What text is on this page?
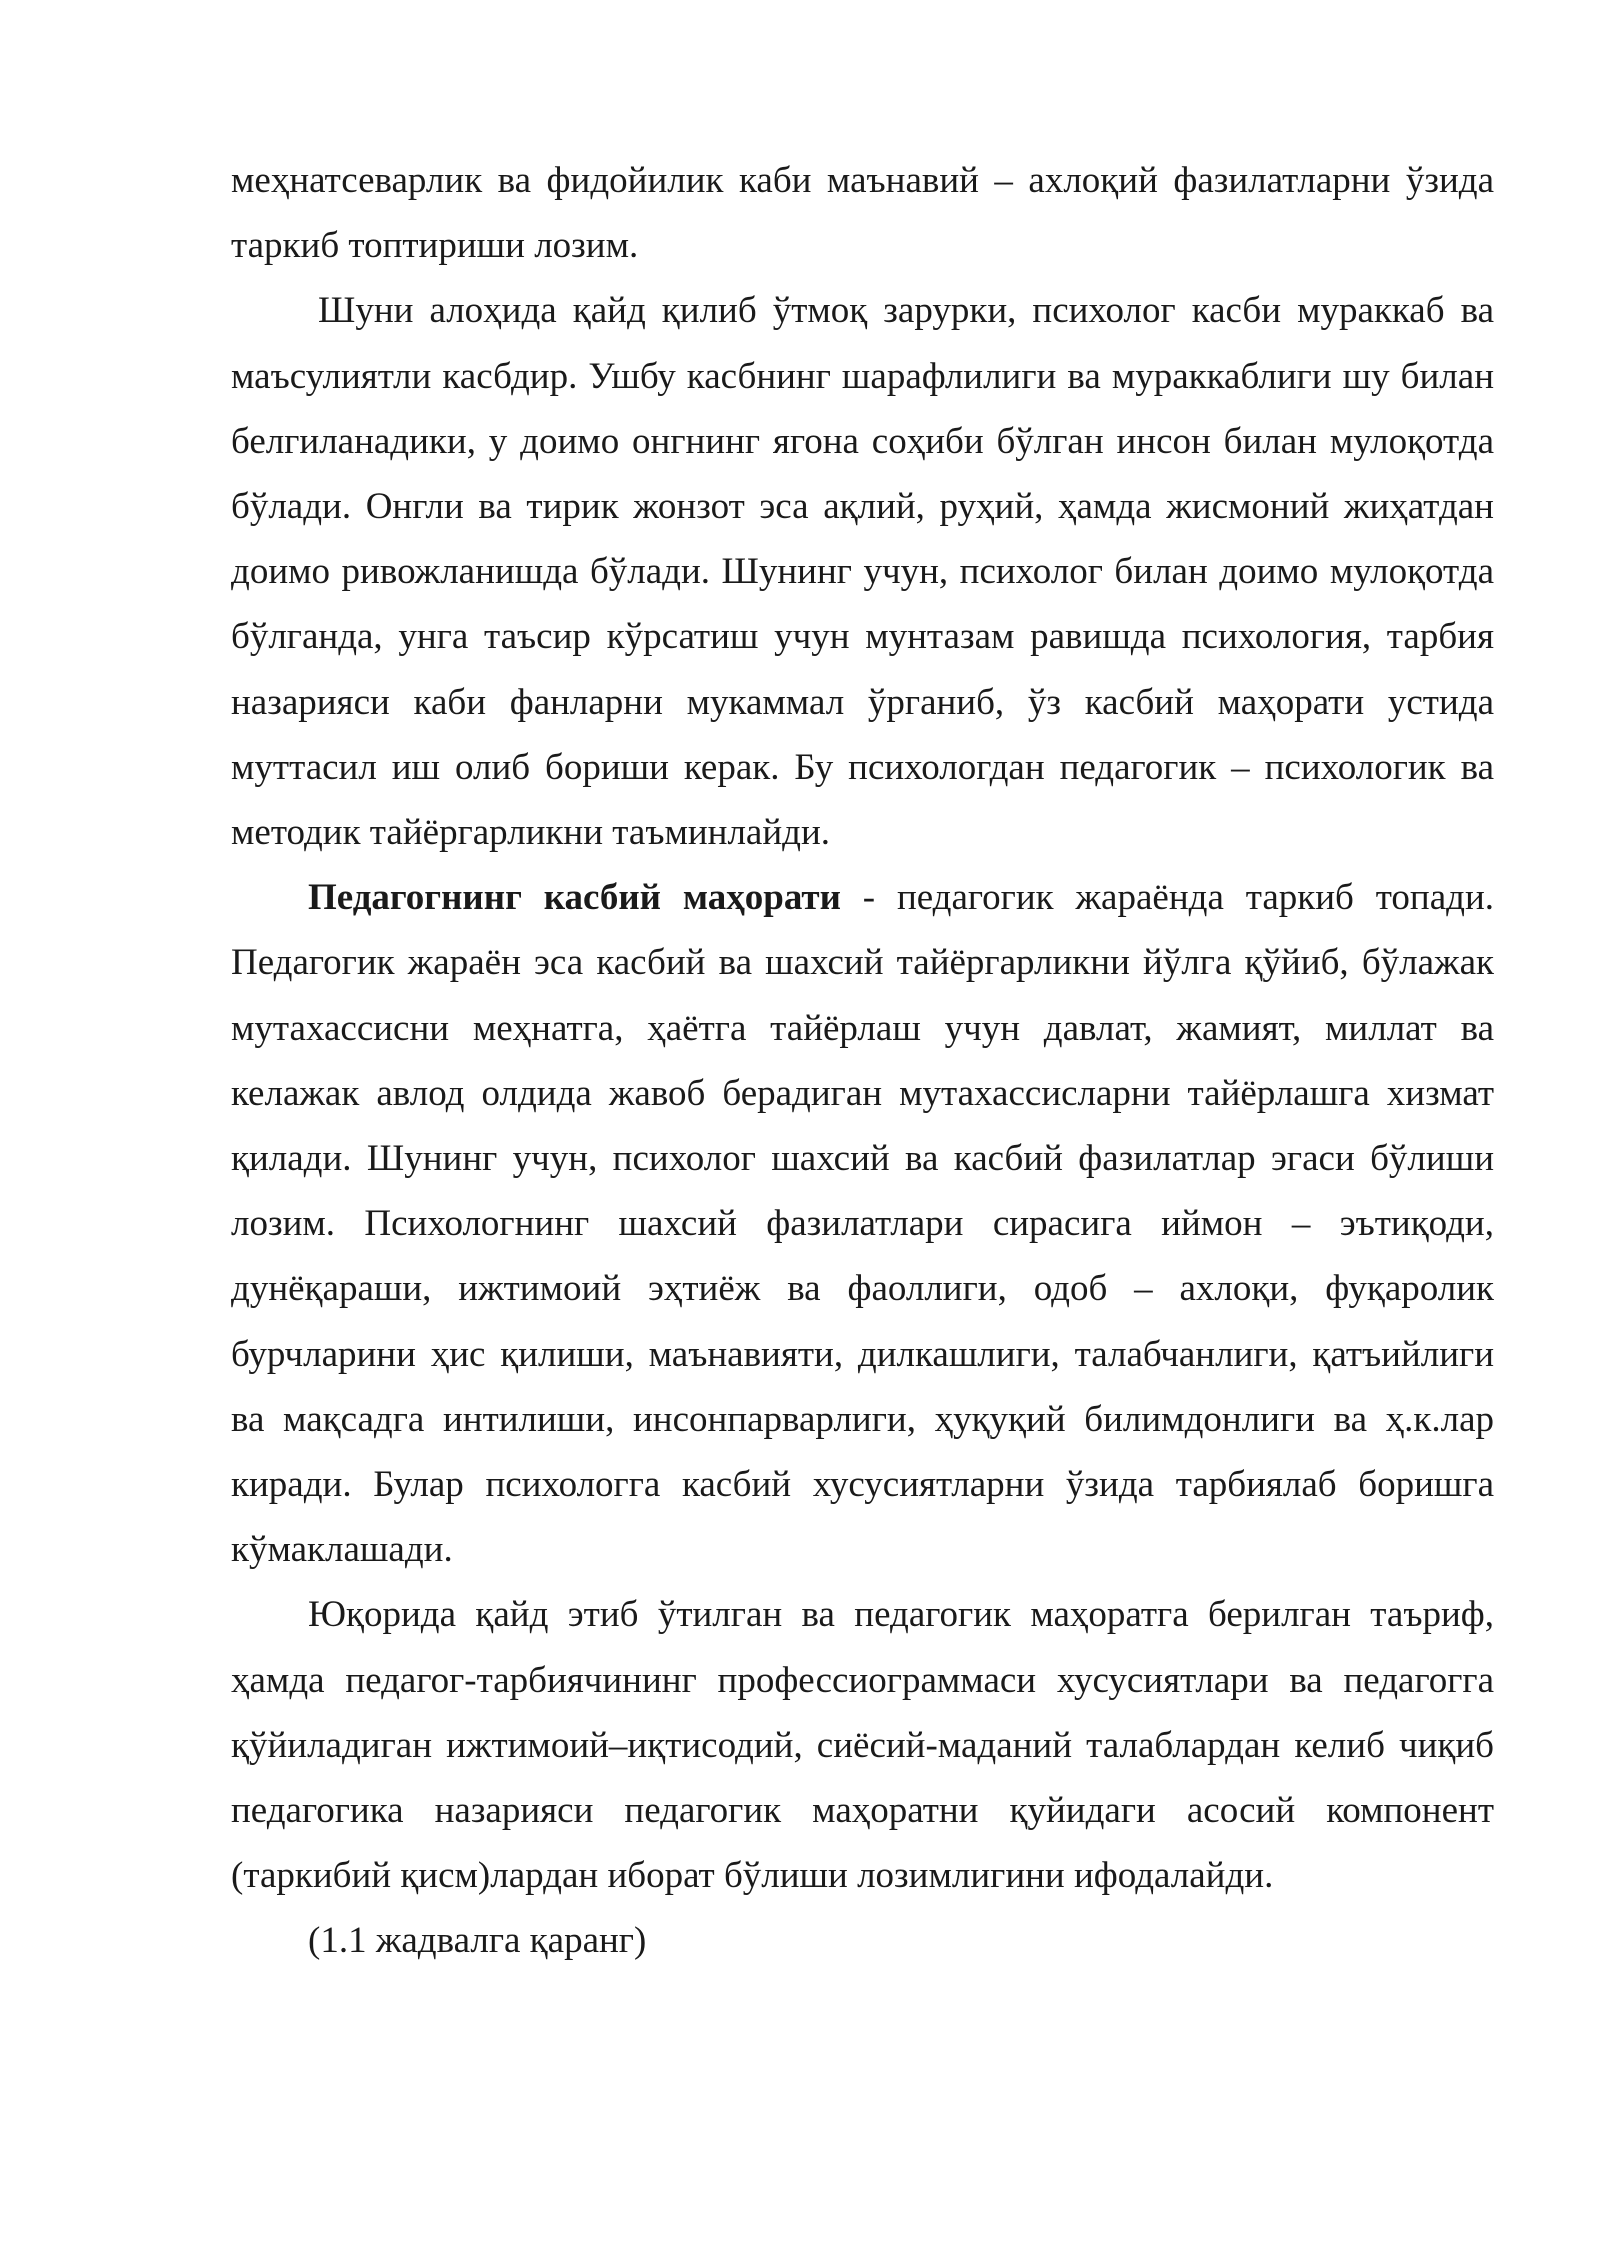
меҳнатсеварлик ва фидойилик каби маънавий – ахлоқий фазилатларни ўзида таркиб топтириши лозим.

Шуни алоҳида қайд қилиб ўтмоқ зарурки, психолог касби мураккаб ва маъсулиятли касбдир. Ушбу касбнинг шарафлилиги ва мураккаблиги шу билан белгиланадики, у доимо онгнинг ягона соҳиби бўлган инсон билан мулоқотда бўлади. Онгли ва тирик жонзот эса ақлий, руҳий, ҳамда жисмоний жиҳатдан доимо ривожланишда бўлади. Шунинг учун, психолог билан доимо мулоқотда бўлганда, унга таъсир кўрсатиш учун мунтазам равишда психология, тарбия назарияси каби фанларни мукаммал ўрганиб, ўз касбий маҳорати устида муттасил иш олиб бориши керак. Бу психологдан педагогик – психологик ва методик тайёргарликни таъминлайди.

Педагогнинг касбий маҳорати - педагогик жараёнда таркиб топади. Педагогик жараён эса касбий ва шахсий тайёргарликни йўлга қўйиб, бўлажак мутахассисни меҳнатга, ҳаётга тайёрлаш учун давлат, жамият, миллат ва келажак авлод олдида жавоб берадиган мутахассисларни тайёрлашга хизмат қилади. Шунинг учун, психолог шахсий ва касбий фазилатлар эгаси бўлиши лозим. Психологнинг шахсий фазилатлари сирасига иймон – эътиқоди, дунёқараши, ижтимоий эҳтиёж ва фаоллиги, одоб – ахлоқи, фуқаролик бурчларини ҳис қилиши, маънавияти, дилкашлиги, талабчанлиги, қатъийлиги ва мақсадга интилиши, инсонпарварлиги, ҳуқуқий билимдонлиги ва ҳ.к.лар киради. Булар психологга касбий хусусиятларни ўзида тарбиялаб боришга кўмаклашади.

Юқорида қайд этиб ўтилган ва педагогик маҳоратга берилган таъриф, ҳамда педагог-тарбиячининг профессиограммаси хусусиятлари ва педагогга қўйиладиган ижтимоий–иқтисодий, сиёсий-маданий талаблардан келиб чиқиб педагогика назарияси педагогик маҳоратни қуйидаги асосий компонент (таркибий қисм)лардан иборат бўлиши лозимлигини ифодалайди.

(1.1 жадвалга қаранг)
